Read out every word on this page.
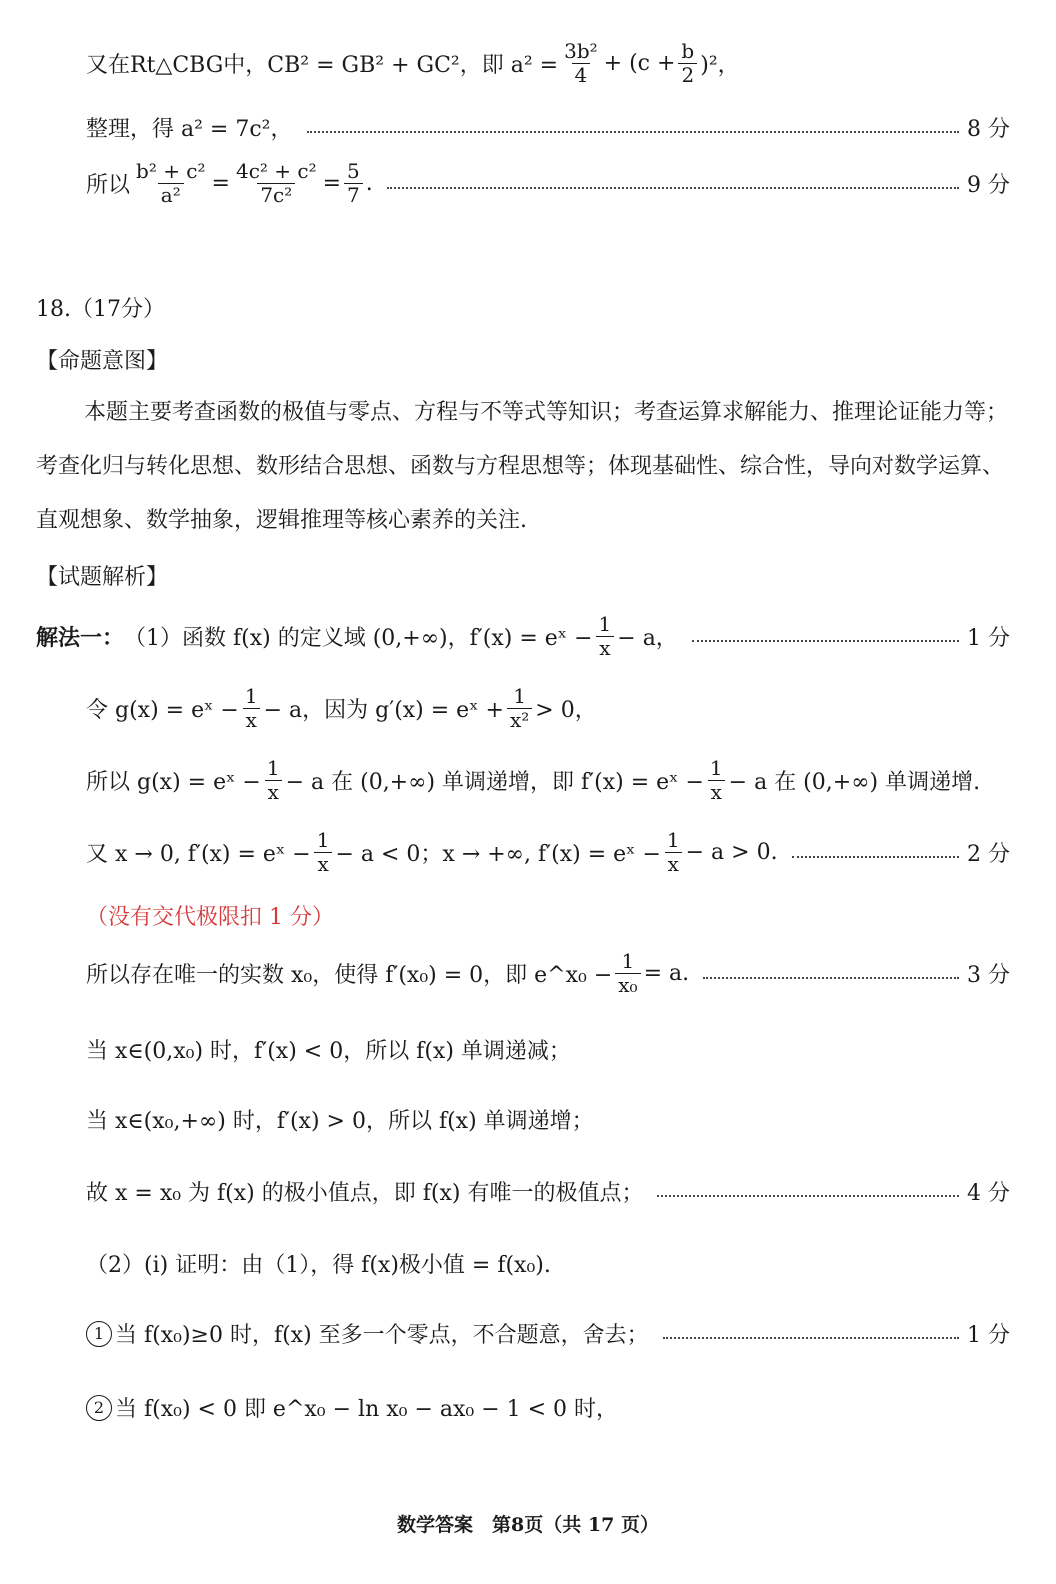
又在Rt△CBG中，CB² = GB² + GC²，即 $a^2 = \frac{\text{3b²}}{4} + (c + \frac{b}{2} )^2$，
整理，得 a² = 7c²，	8 分
所以 $\frac{\text{b² + c²}}{\text{a²}} = \frac{\text{4c² + c²}}{\text{7c²}} = \frac{5}{7}$ .	9 分
18.（17分）
【命题意图】
本题主要考查函数的极值与零点、方程与不等式等知识；考查运算求解能力、推理论证能力等；考查化归与转化思想、数形结合思想、函数与方程思想等；体现基础性、综合性，导向对数学运算、直观想象、数学抽象，逻辑推理等核心素养的关注.
【试题解析】
解法一： （1）函数 f(x) 的定义域 (0,+∞)，f′(x) = eˣ − $\frac{1}{x} - a$，	1 分
令 g(x) = eˣ − $\frac{1}{x} - a$，因为 g′(x) = eˣ + $\frac{1}{\text{x²}} > 0$，
所以 g(x) = eˣ − $\frac{1}{x} - a$ 在 (0,+∞) 单调递增，即 f′(x) = eˣ − $\frac{1}{x} - a$ 在 (0,+∞) 单调递增.
又 x → 0, f′(x) = eˣ − $\frac{1}{x} - a < 0$；x → +∞, f′(x) = eˣ − $\frac{1}{x} - a > 0$.	2 分
（没有交代极限扣 1 分）
所以存在唯一的实数 x₀，使得 f′(x₀) = 0，即 e^x₀ − $\frac{1}{\text{x₀}} = a$.	3 分
当 x∈(0,x₀) 时，f′(x) < 0，所以 f(x) 单调递减；
当 x∈(x₀,+∞) 时，f′(x) > 0，所以 f(x) 单调递增；
故 x = x₀ 为 f(x) 的极小值点，即 f(x) 有唯一的极值点；	4 分
（2）(i) 证明：由（1），得 f(x)极小值 = f(x₀).
1 当 f(x₀)≥0 时，f(x) 至多一个零点，不合题意，舍去；	1 分
2 当 f(x₀) < 0 即 e^x₀ − ln x₀ − ax₀ − 1 < 0 时，
数学答案　第8页（共 17 页）
